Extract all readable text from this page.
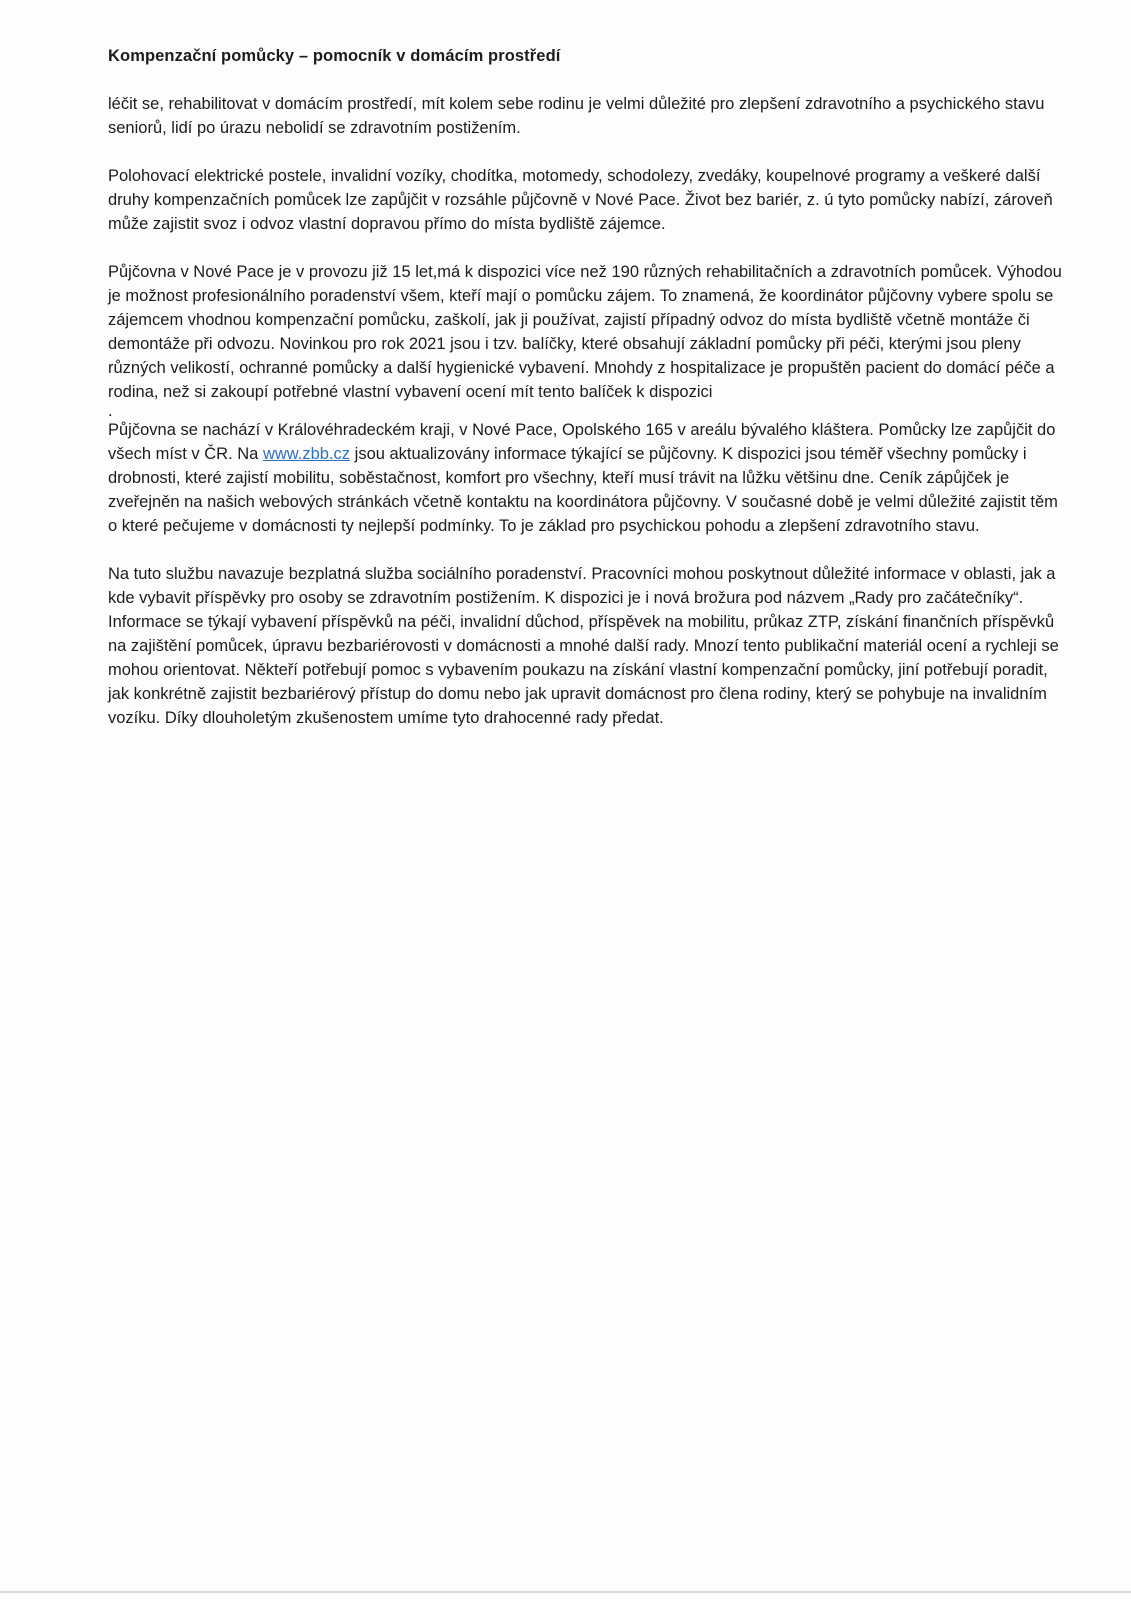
Kompenzační pomůcky – pomocník v domácím prostředí

léčit se, rehabilitovat v domácím prostředí, mít kolem sebe rodinu je velmi důležité pro zlepšení zdravotního a psychického stavu seniorů, lidí po úrazu nebolidí se zdravotním postižením.

Polohovací elektrické postele, invalidní vozíky, chodítka, motomedy, schodolezy, zvedáky, koupelnové programy a veškeré další druhy kompenzačních pomůcek lze zapůjčit v rozsáhle půjčovně v Nové Pace. Život bez bariér, z. ú tyto pomůcky nabízí, zároveň může zajistit svoz i odvoz vlastní dopravou přímo do místa bydliště zájemce.

Půjčovna v Nové Pace je v provozu již 15 let,má k dispozici více než 190 různých rehabilitačních a zdravotních pomůcek. Výhodou je možnost profesionálního poradenství všem, kteří mají o pomůcku zájem. To znamená, že koordinátor půjčovny vybere spolu se zájemcem vhodnou kompenzační pomůcku, zaškolí, jak ji používat, zajistí případný odvoz do místa bydliště včetně montáže či demontáže při odvozu. Novinkou pro rok 2021 jsou i tzv. balíčky, které obsahují základní pomůcky při péči, kterými jsou pleny různých velikostí, ochranné pomůcky a další hygienické vybavení. Mnohdy z hospitalizace je propuštěn pacient do domácí péče a rodina, než si zakoupí potřebné vlastní vybavení ocení mít tento balíček k dispozici

.

Půjčovna se nachází v Královéhradeckém kraji, v Nové Pace, Opolského 165 v areálu bývalého kláštera. Pomůcky lze zapůjčit do všech míst v ČR. Na www.zbb.cz jsou aktualizovány informace týkající se půjčovny. K dispozici jsou téměř všechny pomůcky i drobnosti, které zajistí mobilitu, soběstačnost, komfort pro všechny, kteří musí trávit na lůžku většinu dne. Ceník zápůjček je zveřejněn na našich webových stránkách včetně kontaktu na koordinátora půjčovny. V současné době je velmi důležité zajistit těm o které pečujeme v domácnosti ty nejlepší podmínky. To je základ pro psychickou pohodu a zlepšení zdravotního stavu.

Na tuto službu navazuje bezplatná služba sociálního poradenství. Pracovníci mohou poskytnout důležité informace v oblasti, jak a kde vybavit příspěvky pro osoby se zdravotním postižením. K dispozici je i nová brožura pod názvem „Rady pro začátečníky“. Informace se týkají vybavení příspěvků na péči, invalidní důchod, příspěvek na mobilitu, průkaz ZTP, získání finančních příspěvků na zajištění pomůcek, úpravu bezbariérovosti v domácnosti a mnohé další rady. Mnozí tento publikační materiál ocení a rychleji se mohou orientovat. Někteří potřebují pomoc s vybavením poukazu na získání vlastní kompenzační pomůcky, jiní potřebují poradit, jak konkrétně zajistit bezbariérový přístup do domu nebo jak upravit domácnost pro člena rodiny, který se pohybuje na invalidním vozíku. Díky dlouholetým zkušenostem umíme tyto drahocenné rady předat.
